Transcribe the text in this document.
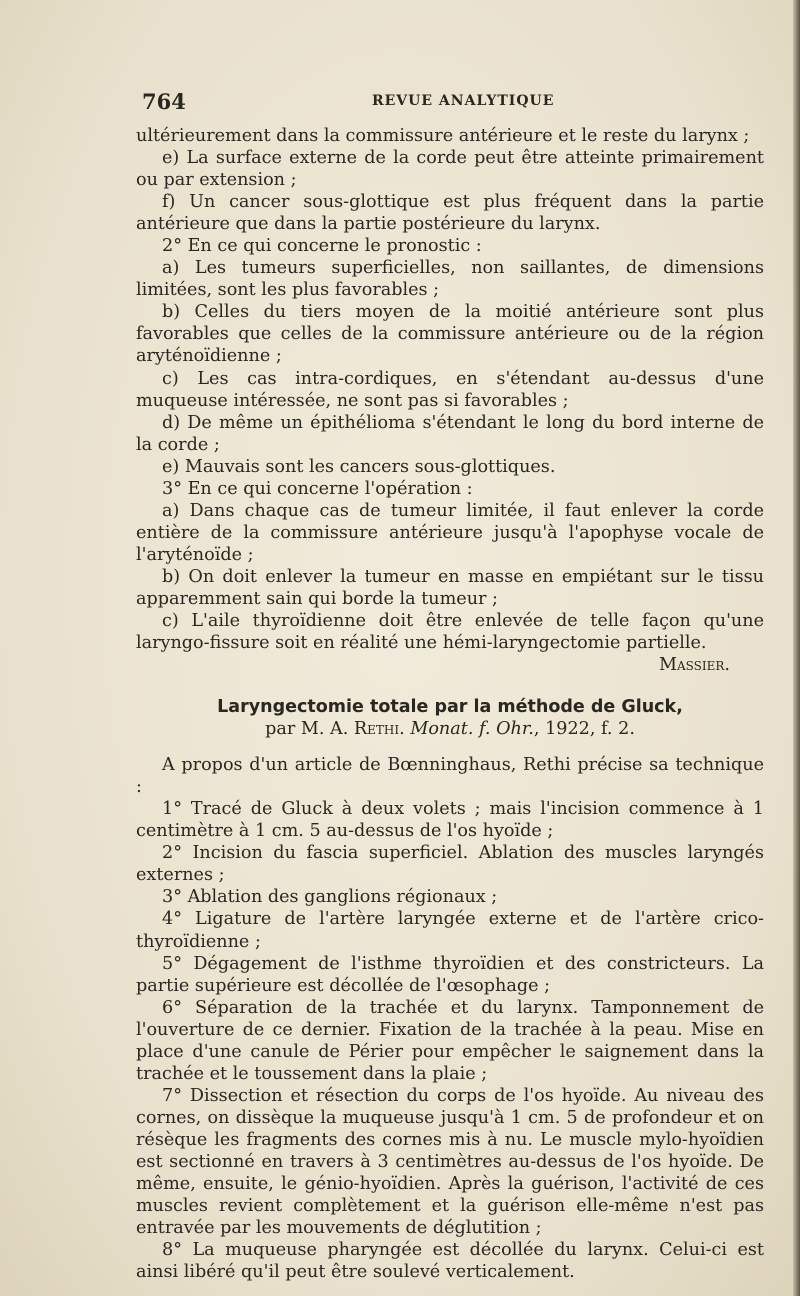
764	REVUE ANALYTIQUE

ultérieurement dans la commissure antérieure et le reste du larynx ;

e) La surface externe de la corde peut être atteinte primairement ou par extension ;

f) Un cancer sous-glottique est plus fréquent dans la partie antérieure que dans la partie postérieure du larynx.

2° En ce qui concerne le pronostic :

a) Les tumeurs superficielles, non saillantes, de dimensions limitées, sont les plus favorables ;

b) Celles du tiers moyen de la moitié antérieure sont plus favorables que celles de la commissure antérieure ou de la région aryténoïdienne ;

c) Les cas intra-cordiques, en s'étendant au-dessus d'une muqueuse intéressée, ne sont pas si favorables ;

d) De même un épithélioma s'étendant le long du bord interne de la corde ;

e) Mauvais sont les cancers sous-glottiques.

3° En ce qui concerne l'opération :

a) Dans chaque cas de tumeur limitée, il faut enlever la corde entière de la commissure antérieure jusqu'à l'apophyse vocale de l'aryténoïde ;

b) On doit enlever la tumeur en masse en empiétant sur le tissu apparemment sain qui borde la tumeur ;

c) L'aile thyroïdienne doit être enlevée de telle façon qu'une laryngo-fissure soit en réalité une hémi-laryngectomie partielle.

Massier.

Laryngectomie totale par la méthode de Gluck,
par M. A. Rethi. Monat. f. Ohr., 1922, f. 2.

A propos d'un article de Bœnninghaus, Rethi précise sa technique :

1° Tracé de Gluck à deux volets ; mais l'incision commence à 1 centimètre à 1 cm. 5 au-dessus de l'os hyoïde ;

2° Incision du fascia superficiel. Ablation des muscles laryngés externes ;

3° Ablation des ganglions régionaux ;

4° Ligature de l'artère laryngée externe et de l'artère crico-thyroïdienne ;

5° Dégagement de l'isthme thyroïdien et des constricteurs. La partie supérieure est décollée de l'œsophage ;

6° Séparation de la trachée et du larynx. Tamponnement de l'ouverture de ce dernier. Fixation de la trachée à la peau. Mise en place d'une canule de Périer pour empêcher le saignement dans la trachée et le toussement dans la plaie ;

7° Dissection et résection du corps de l'os hyoïde. Au niveau des cornes, on dissèque la muqueuse jusqu'à 1 cm. 5 de profondeur et on résèque les fragments des cornes mis à nu. Le muscle mylo-hyoïdien est sectionné en travers à 3 centimètres au-dessus de l'os hyoïde. De même, ensuite, le génio-hyoïdien. Après la guérison, l'activité de ces muscles revient complètement et la guérison elle-même n'est pas entravée par les mouvements de déglutition ;

8° La muqueuse pharyngée est décollée du larynx. Celui-ci est ainsi libéré qu'il peut être soulevé verticalement.
